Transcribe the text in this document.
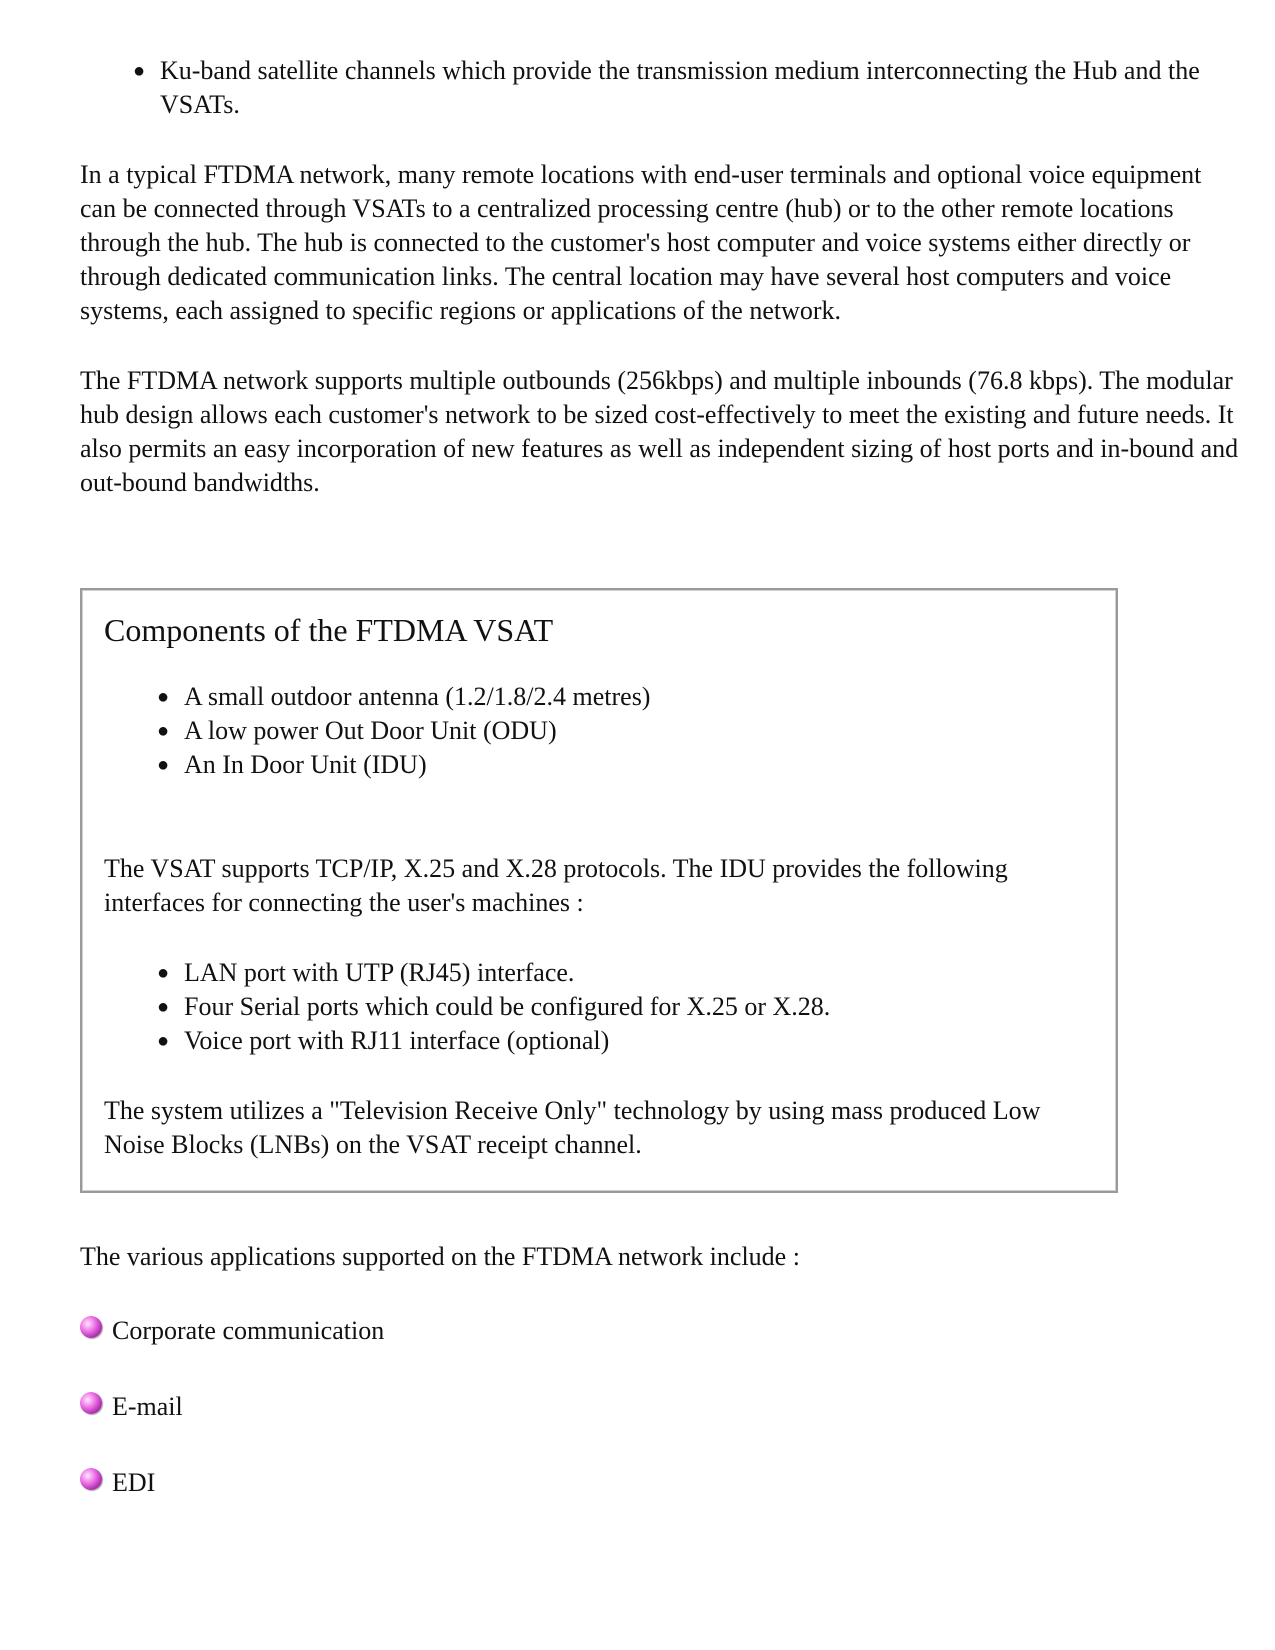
● Ku-band satellite channels which provide the transmission medium interconnecting the Hub and the VSATs.

In a typical FTDMA network, many remote locations with end-user terminals and optional voice equipment can be connected through VSATs to a centralized processing centre (hub) or to the other remote locations through the hub. The hub is connected to the customer's host computer and voice systems either directly or through dedicated communication links. The central location may have several host computers and voice systems, each assigned to specific regions or applications of the network.

The FTDMA network supports multiple outbounds (256kbps) and multiple inbounds (76.8 kbps). The modular hub design allows each customer's network to be sized cost-effectively to meet the existing and future needs. It also permits an easy incorporation of new features as well as independent sizing of host ports and in-bound and out-bound bandwidths.

Components of the FTDMA VSAT
● A small outdoor antenna (1.2/1.8/2.4 metres)
● A low power Out Door Unit (ODU)
● An In Door Unit (IDU)

The VSAT supports TCP/IP, X.25 and X.28 protocols. The IDU provides the following interfaces for connecting the user's machines :

● LAN port with UTP (RJ45) interface.
● Four Serial ports which could be configured for X.25 or X.28.
● Voice port with RJ11 interface (optional)

The system utilizes a "Television Receive Only" technology by using mass produced Low Noise Blocks (LNBs) on the VSAT receipt channel.

The various applications supported on the FTDMA network include :

Corporate communication
E-mail
EDI
